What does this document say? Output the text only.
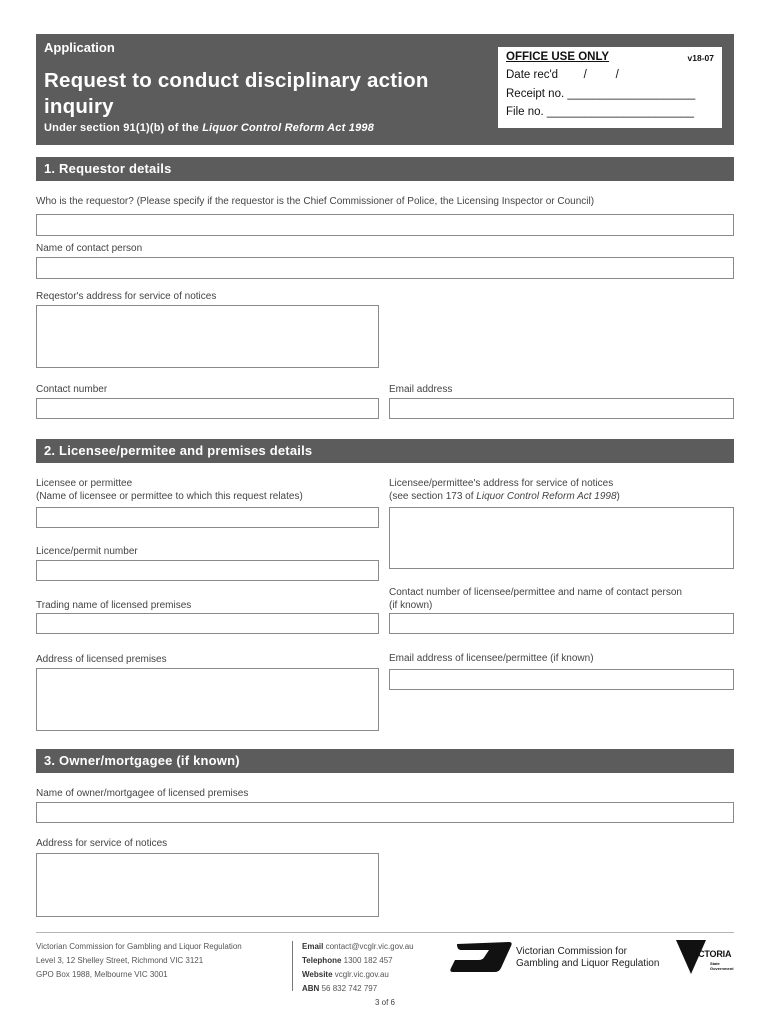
Application
Request to conduct disciplinary action inquiry
Under section 91(1)(b) of the Liquor Control Reform Act 1998
OFFICE USE ONLY	v18-07
Date rec'd        /         /
Receipt no. ____________________
File no. _______________________
1. Requestor details
Who is the requestor? (Please specify if the requestor is the Chief Commissioner of Police, the Licensing Inspector or Council)
Name of contact person
Reqestor's address for service of notices
Contact number	Email address
2. Licensee/permitee and premises details
Licensee or permittee
(Name of licensee or permittee to which this request relates)
Licensee/permittee's address for service of notices
(see section 173 of Liquor Control Reform Act 1998)
Licence/permit number
Contact number of licensee/permittee and name of contact person
(if known)
Trading name of licensed premises
Address of licensed premises	Email address of licensee/permittee (if known)
3. Owner/mortgagee (if known)
Name of owner/mortgagee of licensed premises
Address for service of notices
Victorian Commission for Gambling and Liquor Regulation
Level 3, 12 Shelley Street, Richmond VIC 3121
GPO Box 1988, Melbourne VIC 3001
Email contact@vcglr.vic.gov.au
Telephone 1300 182 457
Website vcglr.vic.gov.au
ABN 56 832 742 797
Victorian Commission for
Gambling and Liquor Regulation
VICTORIA
State
Government
3 of 6
